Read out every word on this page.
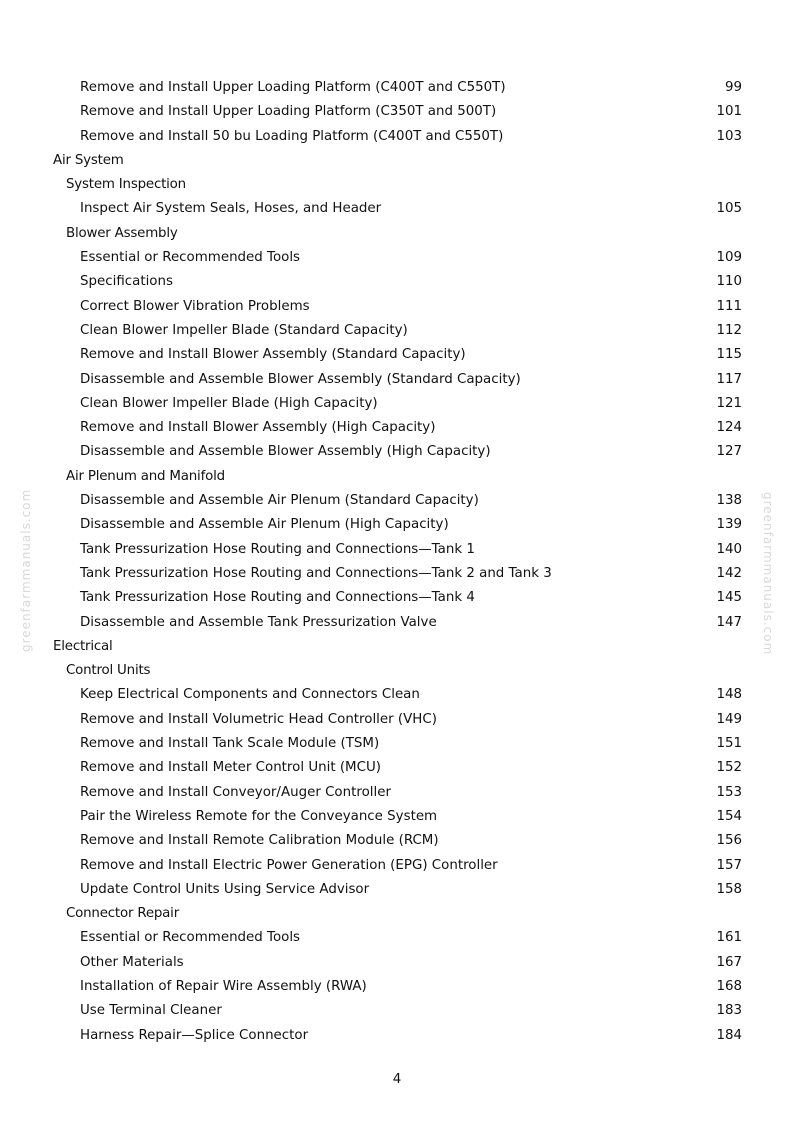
Remove and Install Upper Loading Platform (C400T and C550T)	99
Remove and Install Upper Loading Platform (C350T and 500T)	101
Remove and Install 50 bu Loading Platform (C400T and C550T)	103
Air System
System Inspection
Inspect Air System Seals, Hoses, and Header	105
Blower Assembly
Essential or Recommended Tools	109
Specifications	110
Correct Blower Vibration Problems	111
Clean Blower Impeller Blade (Standard Capacity)	112
Remove and Install Blower Assembly (Standard Capacity)	115
Disassemble and Assemble Blower Assembly (Standard Capacity)	117
Clean Blower Impeller Blade (High Capacity)	121
Remove and Install Blower Assembly (High Capacity)	124
Disassemble and Assemble Blower Assembly (High Capacity)	127
Air Plenum and Manifold
Disassemble and Assemble Air Plenum (Standard Capacity)	138
Disassemble and Assemble Air Plenum (High Capacity)	139
Tank Pressurization Hose Routing and Connections—Tank 1	140
Tank Pressurization Hose Routing and Connections—Tank 2 and Tank 3	142
Tank Pressurization Hose Routing and Connections—Tank 4	145
Disassemble and Assemble Tank Pressurization Valve	147
Electrical
Control Units
Keep Electrical Components and Connectors Clean	148
Remove and Install Volumetric Head Controller (VHC)	149
Remove and Install Tank Scale Module (TSM)	151
Remove and Install Meter Control Unit (MCU)	152
Remove and Install Conveyor/Auger Controller	153
Pair the Wireless Remote for the Conveyance System	154
Remove and Install Remote Calibration Module (RCM)	156
Remove and Install Electric Power Generation (EPG) Controller	157
Update Control Units Using Service Advisor	158
Connector Repair
Essential or Recommended Tools	161
Other Materials	167
Installation of Repair Wire Assembly (RWA)	168
Use Terminal Cleaner	183
Harness Repair—Splice Connector	184
4
greenfarmmanuals.com	greenfarmmanuals.com
